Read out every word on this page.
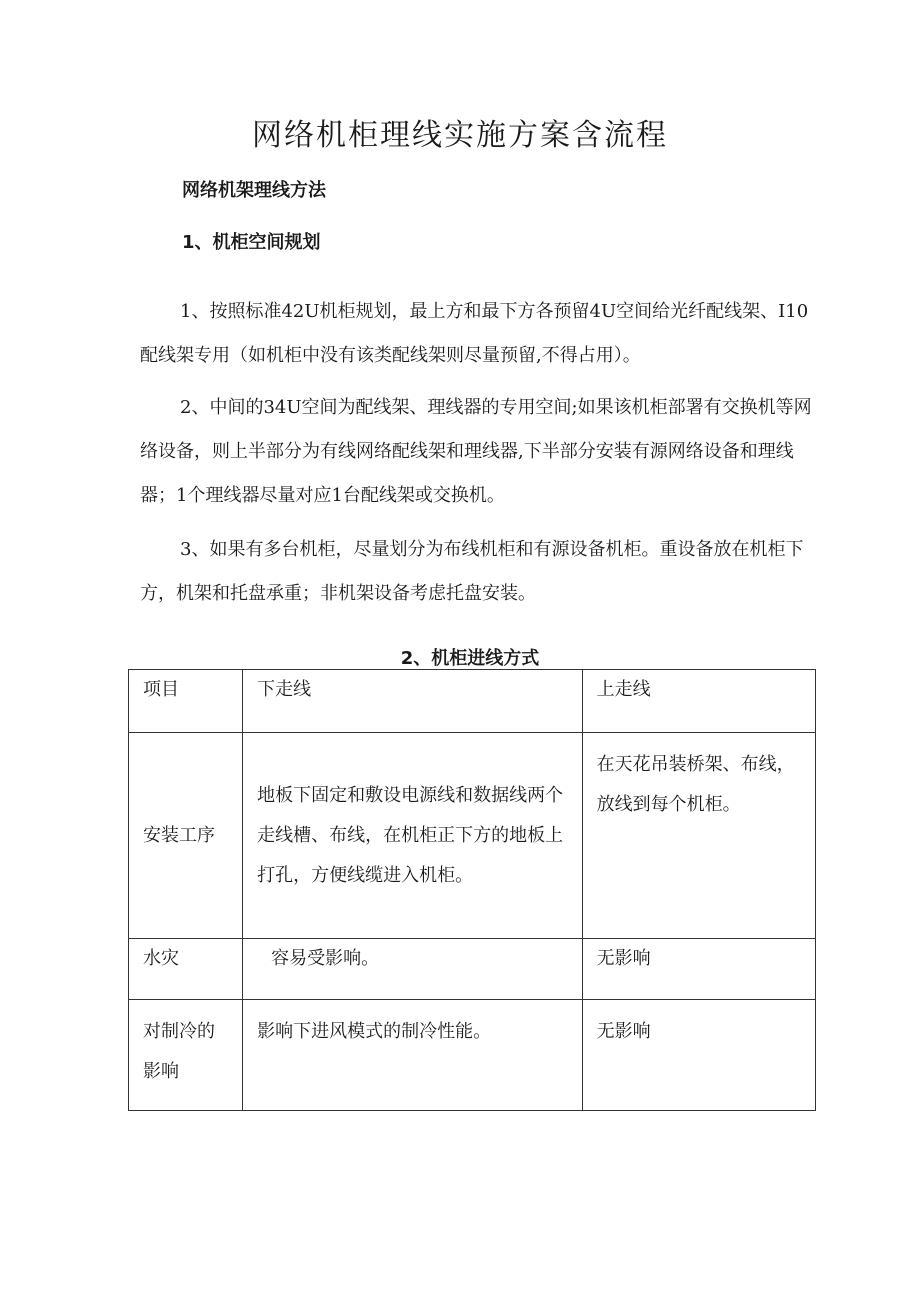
网络机柜理线实施方案含流程
网络机架理线方法
1、机柜空间规划

1、按照标准42U机柜规划，最上方和最下方各预留4U空间给光纤配线架、I10配线架专用（如机柜中没有该类配线架则尽量预留,不得占用）。

2、中间的34U空间为配线架、理线器的专用空间;如果该机柜部署有交换机等网络设备，则上半部分为有线网络配线架和理线器,下半部分安装有源网络设备和理线器；1个理线器尽量对应1台配线架或交换机。

3、如果有多台机柜，尽量划分为布线机柜和有源设备机柜。重设备放在机柜下方，机架和托盘承重；非机架设备考虑托盘安装。

2、机柜进线方式
项目	下走线	上走线
安装工序	地板下固定和敷设电源线和数据线两个走线槽、布线，在机柜正下方的地板上打孔，方便线缆进入机柜。	在天花吊装桥架、布线，放线到每个机柜。
水灾	容易受影响。	无影响
对制冷的影响	影响下进风模式的制冷性能。	无影响
